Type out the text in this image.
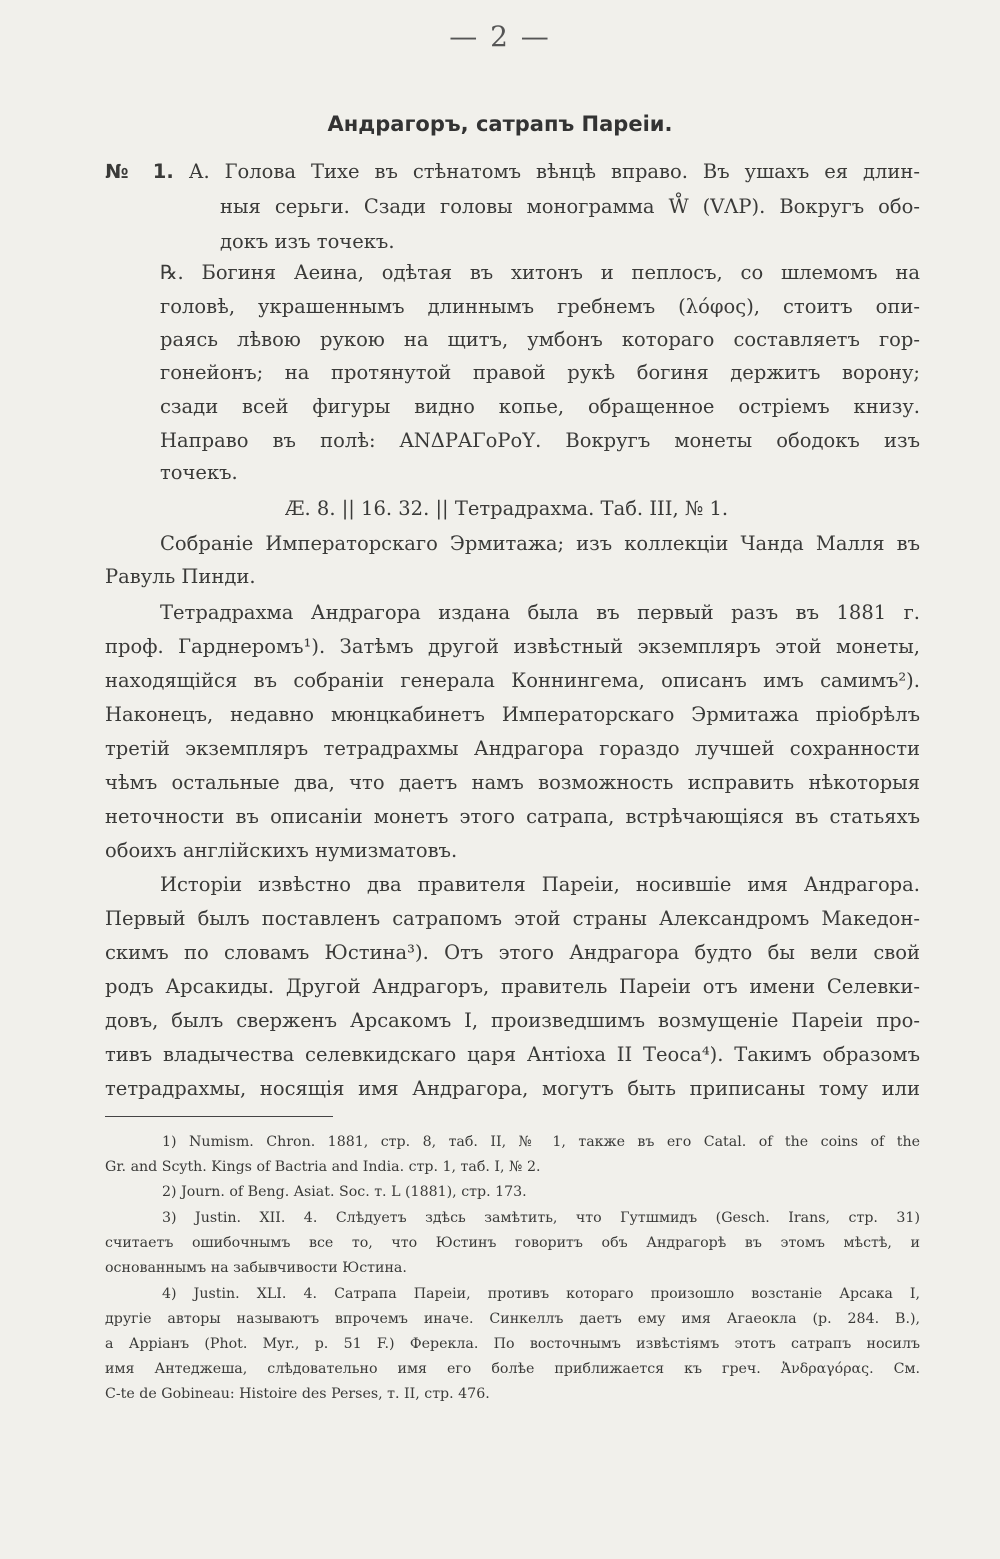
— 2 —
Андрагоръ, сатрапъ Пареіи.
№ 1. А. Голова Тихе въ стѣнатомъ вѣнцѣ вправо. Въ ушахъ ея длин-
ныя серьги. Сзади головы монограмма W̊ (VΛP). Вокругъ обо-
докъ изъ точекъ.
℞. Богиня Аеина, одѣтая въ хитонъ и пеплосъ, со шлемомъ на
головѣ, украшеннымъ длиннымъ гребнемъ (λόφος), стоитъ опи-
раясь лѣвою рукою на щитъ, умбонъ котораго составляетъ гор-
гонейонъ; на протянутой правой рукѣ богиня держитъ ворону;
сзади всей фигуры видно копье, обращенное остріемъ книзу.
Направо въ полѣ: ΑΝΔΡΑΓοΡοΥ. Вокругъ монеты ободокъ изъ
точекъ.
Æ. 8. || 16. 32. || Тетрадрахма. Таб. III, № 1.
Собраніе Императорскаго Эрмитажа; изъ коллекціи Чанда Малля въ
Равуль Пинди.
Тетрадрахма Андрагора издана была въ первый разъ въ 1881 г.
проф. Гарднеромъ¹). Затѣмъ другой извѣстный экземпляръ этой монеты,
находящійся въ собраніи генерала Коннингема, описанъ имъ самимъ²).
Наконецъ, недавно мюнцкабинетъ Императорскаго Эрмитажа пріобрѣлъ
третій экземпляръ тетрадрахмы Андрагора гораздо лучшей сохранности
чѣмъ остальные два, что даетъ намъ возможность исправить нѣкоторыя
неточности въ описаніи монетъ этого сатрапа, встрѣчающіяся въ статьяхъ
обоихъ англійскихъ нумизматовъ.
Исторіи извѣстно два правителя Пареіи, носившіе имя Андрагора.
Первый былъ поставленъ сатрапомъ этой страны Александромъ Македон-
скимъ по словамъ Юстина³). Отъ этого Андрагора будто бы вели свой
родъ Арсакиды. Другой Андрагоръ, правитель Пареіи отъ имени Селевки-
довъ, былъ сверженъ Арсакомъ I, произведшимъ возмущеніе Пареіи про-
тивъ владычества селевкидскаго царя Антіоха II Теоса⁴). Такимъ образомъ
тетрадрахмы, носящія имя Андрагора, могутъ быть приписаны тому или
1) Numism. Chron. 1881, стр. 8, таб. II, № 1, также въ его Catal. of the coins of the
Gr. and Scyth. Kings of Bactria and India. стр. 1, таб. I, № 2.
2) Journ. of Beng. Asiat. Soc. т. L (1881), стр. 173.
3) Justin. XII. 4. Слѣдуетъ здѣсь замѣтить, что Гутшмидъ (Gesch. Irans, стр. 31)
считаетъ ошибочнымъ все то, что Юстинъ говоритъ объ Андрагорѣ въ этомъ мѣстѣ, и
основаннымъ на забывчивости Юстина.
4) Justin. XLI. 4. Сатрапа Пареіи, противъ котораго произошло возстаніе Арсака I,
другіе авторы называютъ впрочемъ иначе. Синкеллъ даетъ ему имя Агаеокла (p. 284. B.),
а Арріанъ (Phot. Myr., p. 51 F.) Ферекла. По восточнымъ извѣстіямъ этотъ сатрапъ носилъ
имя Антеджеша, слѣдовательно имя его болѣе приближается къ греч. Ἀνδραγόρας. См.
C-te de Gobineau: Histoire des Perses, т. II, стр. 476.
